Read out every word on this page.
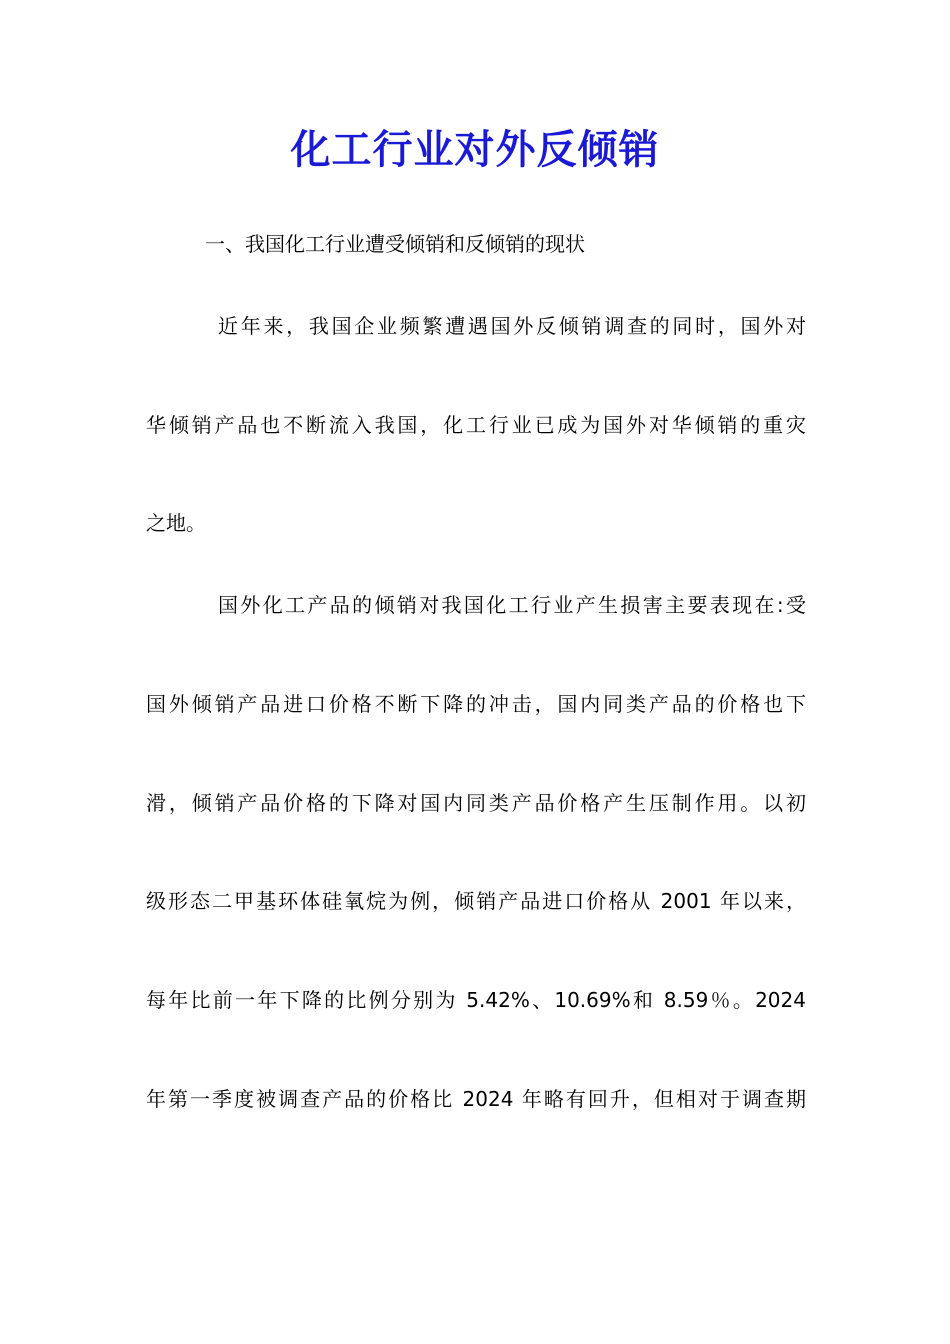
化工行业对外反倾销
一、我国化工行业遭受倾销和反倾销的现状
近年来，我国企业频繁遭遇国外反倾销调查的同时，国外对
华倾销产品也不断流入我国，化工行业已成为国外对华倾销的重灾
之地。
国外化工产品的倾销对我国化工行业产生损害主要表现在:受
国外倾销产品进口价格不断下降的冲击，国内同类产品的价格也下
滑，倾销产品价格的下降对国内同类产品价格产生压制作用。以初
级形态二甲基环体硅氧烷为例，倾销产品进口价格从 2001 年以来，
每年比前一年下降的比例分别为 5.42%、10.69%和 8.59％。2024
年第一季度被调查产品的价格比 2024 年略有回升，但相对于调查期
